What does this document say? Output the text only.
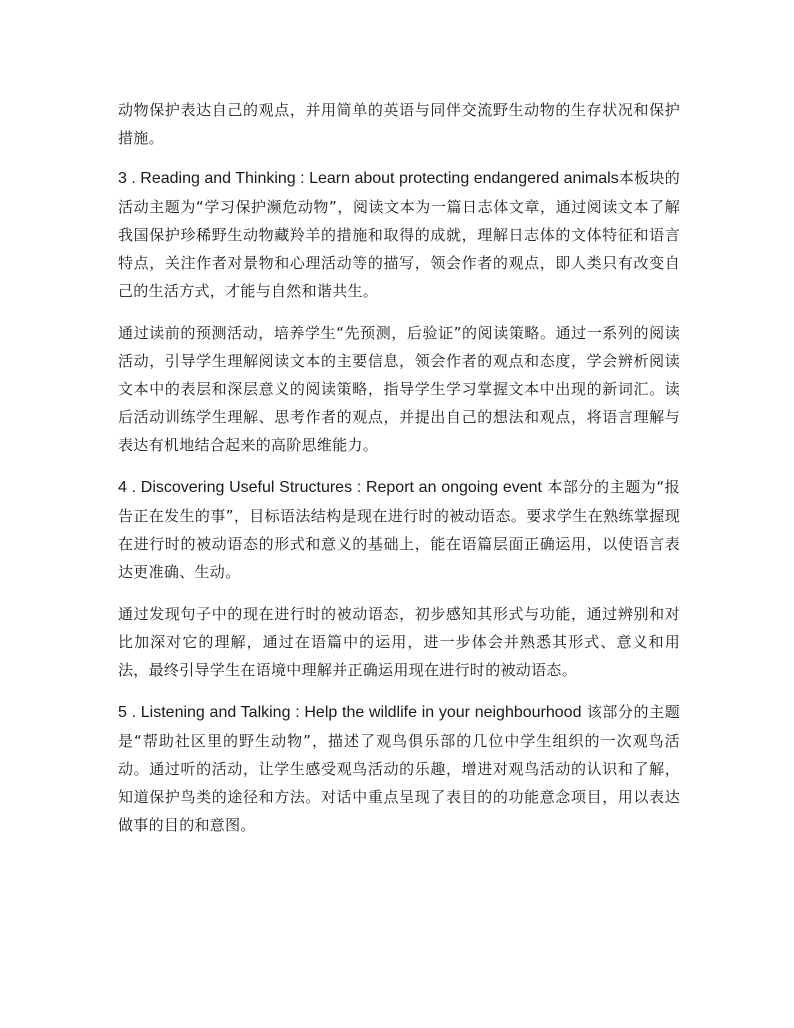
动物保护表达自己的观点，并用简单的英语与同伴交流野生动物的生存状况和保护措施。

3 . Reading and Thinking : Learn about protecting endangered animals本板块的活动主题为“学习保护濒危动物”，阅读文本为一篇日志体文章，通过阅读文本了解我国保护珍稀野生动物藏羚羊的措施和取得的成就，理解日志体的文体特征和语言特点，关注作者对景物和心理活动等的描写，领会作者的观点，即人类只有改变自己的生活方式，才能与自然和谐共生。

通过读前的预测活动，培养学生“先预测，后验证”的阅读策略。通过一系列的阅读活动，引导学生理解阅读文本的主要信息，领会作者的观点和态度，学会辨析阅读文本中的表层和深层意义的阅读策略，指导学生学习掌握文本中出现的新词汇。读后活动训练学生理解、思考作者的观点，并提出自己的想法和观点，将语言理解与表达有机地结合起来的高阶思维能力。

4 . Discovering Useful Structures : Report an ongoing event 本部分的主题为“报告正在发生的事”，目标语法结构是现在进行时的被动语态。要求学生在熟练掌握现在进行时的被动语态的形式和意义的基础上，能在语篇层面正确运用，以使语言表达更准确、生动。

通过发现句子中的现在进行时的被动语态，初步感知其形式与功能，通过辨别和对比加深对它的理解，通过在语篇中的运用，进一步体会并熟悉其形式、意义和用法，最终引导学生在语境中理解并正确运用现在进行时的被动语态。

5 . Listening and Talking : Help the wildlife in your neighbourhood 该部分的主题是“帮助社区里的野生动物”，描述了观鸟俱乐部的几位中学生组织的一次观鸟活动。通过听的活动，让学生感受观鸟活动的乐趣，增进对观鸟活动的认识和了解，知道保护鸟类的途径和方法。对话中重点呈现了表目的的功能意念项目，用以表达做事的目的和意图。
